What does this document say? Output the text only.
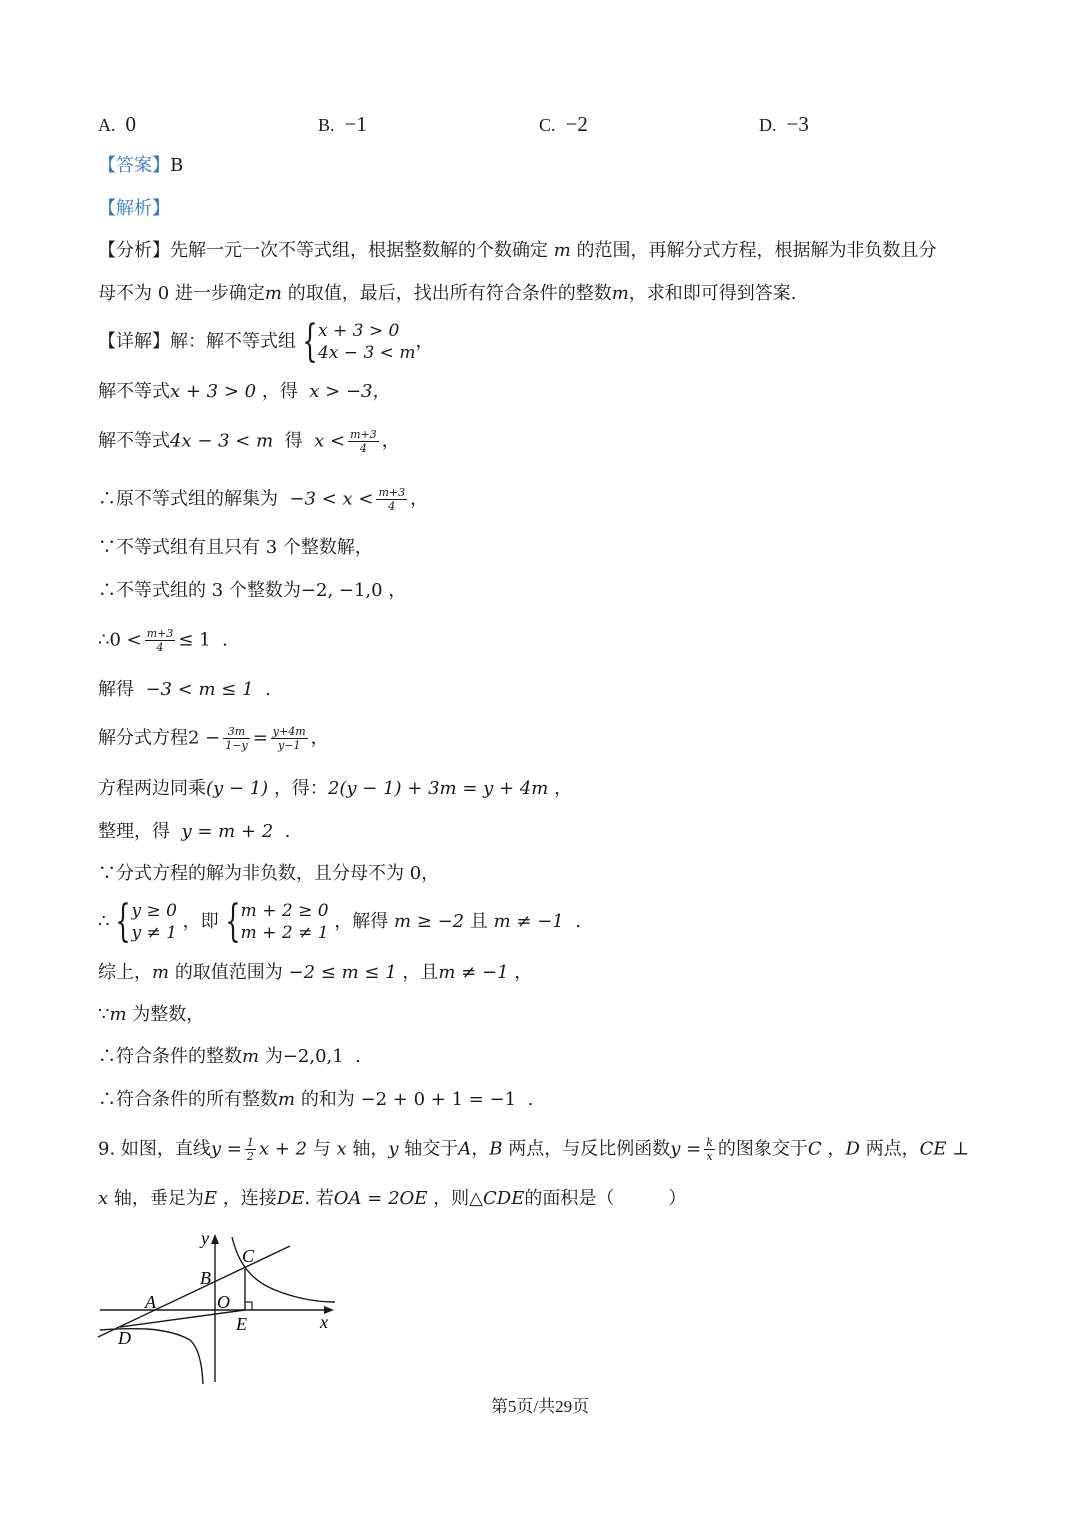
A. 0	B. −1	C. −2	D. −3
【答案】B
【解析】
【分析】先解一元一次不等式组，根据整数解的个数确定 m 的范围，再解分式方程，根据解为非负数且分
母不为 0 进一步确定m 的取值，最后，找出所有符合条件的整数m，求和即可得到答案.
【详解】解：解不等式组 { x + 3 > 0
4x − 3 < m
，
解不等式x + 3 > 0 ，得 x > −3，
解不等式4x − 3 < m 得 $x < \frac{m+3}{4}$ ，
∴原不等式组的解集为 $-3 < x < \frac{m+3}{4}$ ，
∵不等式组有且只有 3 个整数解，
∴不等式组的 3 个整数为−2, −1,0 ，
∴0 < $\frac{m+3}{4} \le 1$ .
解得 −3 < m ≤ 1 .
解分式方程$2 - \frac{3m}{1-y} = \frac{y+4m}{y-1}$ ，
方程两边同乘(y − 1) ，得：2(y − 1) + 3m = y + 4m ，
整理，得 y = m + 2 .
∵分式方程的解为非负数，且分母不为 0，
∴ { y ≥ 0
y ≠ 1
，即 { m + 2 ≥ 0
m + 2 ≠ 1
，解得 m ≥ −2 且 m ≠ −1 .
综上，m 的取值范围为 −2 ≤ m ≤ 1 ，且m ≠ −1 ，
∵m 为整数，
∴符合条件的整数m 为−2,0,1 .
∴符合条件的所有整数m 的和为 −2 + 0 + 1 = −1 .
9. 如图，直线$y = \frac{1}{2}$ x + 2 与 x 轴，y 轴交于A，B 两点，与反比例函数$y = \frac{k}{x}$ 的图象交于C ，D 两点，CE ⊥
x 轴，垂足为E ，连接DE. 若OA = 2OE ，则△CDE的面积是（　　　）
y
x
A
B
C
D
E
O
第5页/共29页
